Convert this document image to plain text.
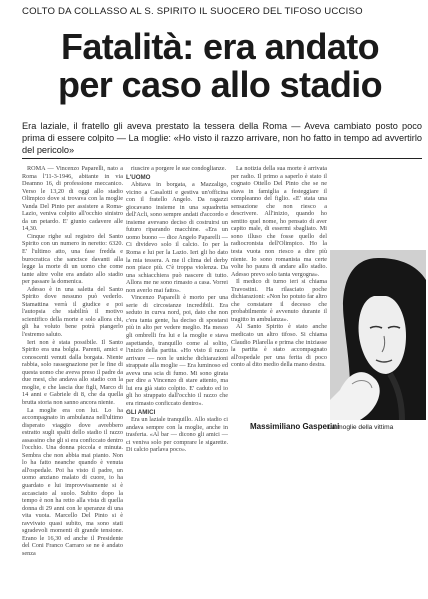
COLTO DA COLLASSO AL S. SPIRITO IL SUOCERO DEL TIFOSO UCCISO
Fatalità: era andato
per caso allo stadio
Era laziale, il fratello gli aveva prestato la tessera della Roma — Aveva cambiato posto poco prima di essere colpito — La moglie: «Ho visto il razzo arrivare, non ho fatto in tempo ad avvertirlo del pericolo»

ROMA — Vincenzo Paparelli, nato a Roma l'11-3-1946, abitante in via Deamno 16, di professione meccanico. Verso le 13,20 di oggi allo stadio Olimpico dove si trovava con la moglie Vanda Del Pinto per assistere a Roma-Lazio, veniva colpito all'occhio sinistro da un petardo. E' giunto cadavere alle 14,30.

Cinque righe sul registro del Santo Spirito con un numero in neretto: 6320. E' l'ultimo atto, una fase fredda e burocratica che sancisce davanti alla legge la morte di un uomo che come tante altre volte era andato allo stadio per passare la domenica.

Adesso è in una saletta del Santo Spirito dove nessuno può vederlo. Stamattina verrà il giudice e poi l'autopsia che stabilirà il motivo scientifico della morte e solo allora chi, gli ha voluto bene potrà piangerlo l'estremo saluto.

Ieri non è stata possibile. Il Santo Spirito era una bolgia. Parenti, amici e conoscenti venuti dalla borgata. Niente rabbia, solo rassegnazione per le fine di questa uomo che aveva preso il padre da due mesi, che andava allo stadio con la moglie, e che lascia due figli, Marco di 14 anni e Gabriele di 8, che da quella brutta storia non sanno ancora niente.

La moglie era con lui. Lo ha accompagnato in ambulanza nell'ultimo disperato viaggio dove avrebbero estratto sugli spalti dello stadio il razzo assassino che gli si era conficcato dentro l'occhio. Una donna piccola e minuta. Sembra che non abbia mai pianto. Non lo ha fatto neanche quando è venuta all'ospedale. Poi ha visto il padre, un uomo anziano malato di cuore, io ha guardato e lui improvvisamente si è accasciato al suolo. Subito dopo la tempo è non ha retto alla vista di quella donna di 29 anni con le speranze di una vita vuota. Marcello Del Pinto si è ravvivato quasi subito, ma sono stati sgradevoli momenti di grande tensione. Erano le 16,30 ed anche il Presidente del Coni Franco Carraro se ne è andato senza

riuscire a porgere le sue condoglianze.

L'UOMO

Abitava in borgata, a Mazzaligo, vicino a Casalotti e gestiva un'officina con il fratello Angelo. Da ragazzi giocavano insieme in una squadretta dell'Acli, sono sempre andati d'accordo e insieme avevano deciso di costruirsi un futuro riparando macchine. «Era un uomo buono — dice Angelo Paparelli — Ci dividevo solo il calcio. Io per la Roma e lui per la Lazio. Ieri gli ho dato la mia tessera. A me il clima del derby non piace più. C'è troppa violenza. Da una schiacchiera può nascere di tutto. Allora me ne sono rimasto a casa. Vorrei non averlo mai fatto».

Vincenzo Paparelli è morto per una serie di circostanze incredibili. Era seduto in curva nord, poi, dato che non c'era tanta gente, ha deciso di spostarsi più in alto per vedere meglio. Ha messo gli ombrelli fra lui e la moglie e stava aspettando, tranquillo come al solito, l'inizio della partita. «Ho visto il razzo arrivare — non le uniche dichiarazioni strappate alla moglie — Era luminoso ed aveva una scia di fumo. Mi sono girata per dire a Vincenzo di stare attento, ma lui era già stato colpito. E' caduto ed io gli ho strappato dall'occhio il razzo che era rimasto conficcato dentro».

GLI AMICI

Era un laziale tranquillo. Allo stadio ci andava sempre con la moglie, anche in trasferta. «Al bar — dicono gli amici — ci veniva solo per comprare le sigarette. Di calcio parlava poco».

La notizia della sua morte è arrivata per radio. Il primo a saperlo è stato il cognato Ottello Del Pinto che se ne stava in famiglia a festeggiare il compleanno del figlio. «E' stata una sensazione che non riesco a descrivere. All'inizio, quando ho sentito quel nome, ho pensato di aver capito male, di essermi sbagliato. Mi sono illuso che fosse quello del radiocronista dell'Olimpico. Ho la testa vuota non riesco a dire più niente. Io sono romanista ma certe volte ho paura di andare allo stadio. Adesso prevo solo tanta vergogna».

Il medico di turno ieri si chiama Travostini. Ha rilasciato poche dichiarazioni: «Non ho potuto far altro che constatare il decesso che probabilmente è avvenuto durante il tragitto in ambulanza».

Al Santo Spirito è stato anche medicato un altro tifoso. Si chiama Claudio Pilarella e prima che iniziasse la partita è stato accompagnato all'ospedale per una ferita di poco conto al dito medio della mano destra.

Massimiliano Gasperini
La moglie della vittima
